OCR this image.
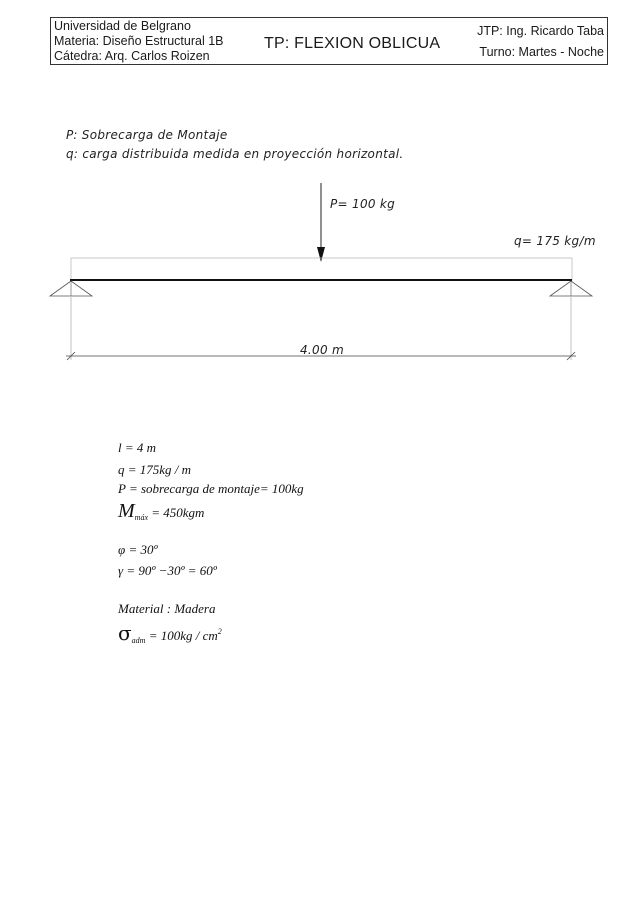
Universidad de Belgrano
Materia: Diseño Estructural 1B
Cátedra: Arq. Carlos Roizen
TP: FLEXION OBLICUA
JTP: Ing. Ricardo Taba
Turno: Martes - Noche
P: Sobrecarga de Montaje
q: carga distribuida medida en proyección horizontal.
P= 100 kg
q= 175 kg/m
4.00 m
l = 4 m
q = 175kg / m
P = sobrecarga de montaje= 100kg
$M_{máx} = 450kgm$
φ = 30º
γ = 90º −30º = 60º
Material : Madera
$\sigma_{adm} = 100kg / cm^2$
